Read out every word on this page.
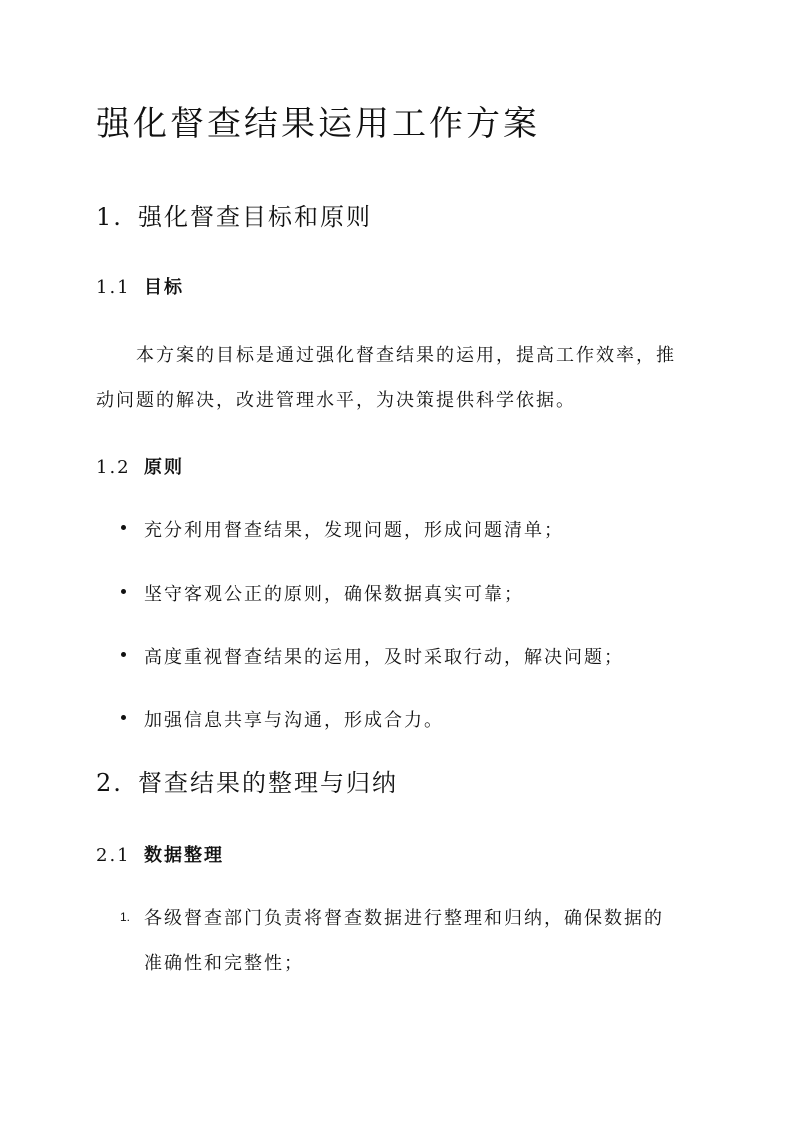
强化督查结果运用工作方案
1. 强化督查目标和原则
1.1 目标

本方案的目标是通过强化督查结果的运用，提高工作效率，推

动问题的解决，改进管理水平，为决策提供科学依据。

1.2 原则
充分利用督查结果，发现问题，形成问题清单；
坚守客观公正的原则，确保数据真实可靠；
高度重视督查结果的运用，及时采取行动，解决问题；
加强信息共享与沟通，形成合力。
2. 督查结果的整理与归纳
2.1 数据整理
1. 各级督查部门负责将督查数据进行整理和归纳，确保数据的
准确性和完整性；
